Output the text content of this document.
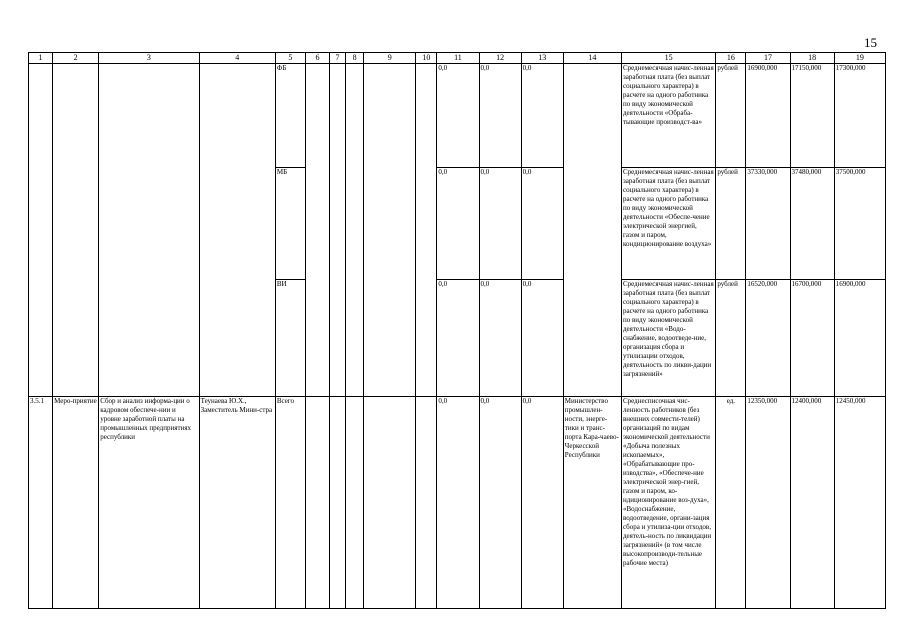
15
1	2	3	4	5	6	7	8	9	10	11	12	13	14	15	16	17	18	19
				ФБ						0,0	0,0	0,0		Среднемесячная начис-ленная заработная плата (без выплат социального характера) в расчете на одного работника по виду экономической деятельности «Обраба-тывающие производст-ва»	рублей	16900,000	17150,000	17300,000
				МБ						0,0	0,0	0,0		Среднемесячная начис-ленная заработная плата (без выплат социального характера) в расчете на одного работника по виду экономической деятельности «Обеспе-чение электрической энергией, газом и паром, кондиционирование воздуха»	рублей	37330,000	37480,000	37500,000
				ВИ						0,0	0,0	0,0		Среднемесячная начис-ленная заработная плата (без выплат социального характера) в расчете на одного работника по виду экономической деятельности «Водо-снабжение, водоотведе-ние, организация сбора и утилизации отходов, деятельность по ликви-дации загрязнений»	рублей	16520,000	16700,000	16900,000
3.5.1	Меро-приятие	Сбор и анализ информа-ции о кадровом обеспече-нии и уровне заработной платы на промышленных предприятиях республики	Теунаева Ю.Х., Заместитель Мини-стра	Всего						0,0	0,0	0,0	Министерство промышлен-ности, энерге-тики и транс-порта Кара-чаево-Черкесской Республики	Среднесписочная чис-ленность работников (без внешних совмести-телей) организаций по видам экономической деятельности «Добыча полезных ископаемых», «Обрабатывающие про-изводства», «Обеспече-ние электрической энер-гией, газом и паром, ко-ндиционирование воз-духа», «Водоснабжение, водоотведение, органи-зация сбора и утилиза-ции отходов, деятель-ность по ликвидации загрязнений» (в том числе высокопроизводи-тельные рабочие места)	ед.	12350,000	12400,000	12450,000
